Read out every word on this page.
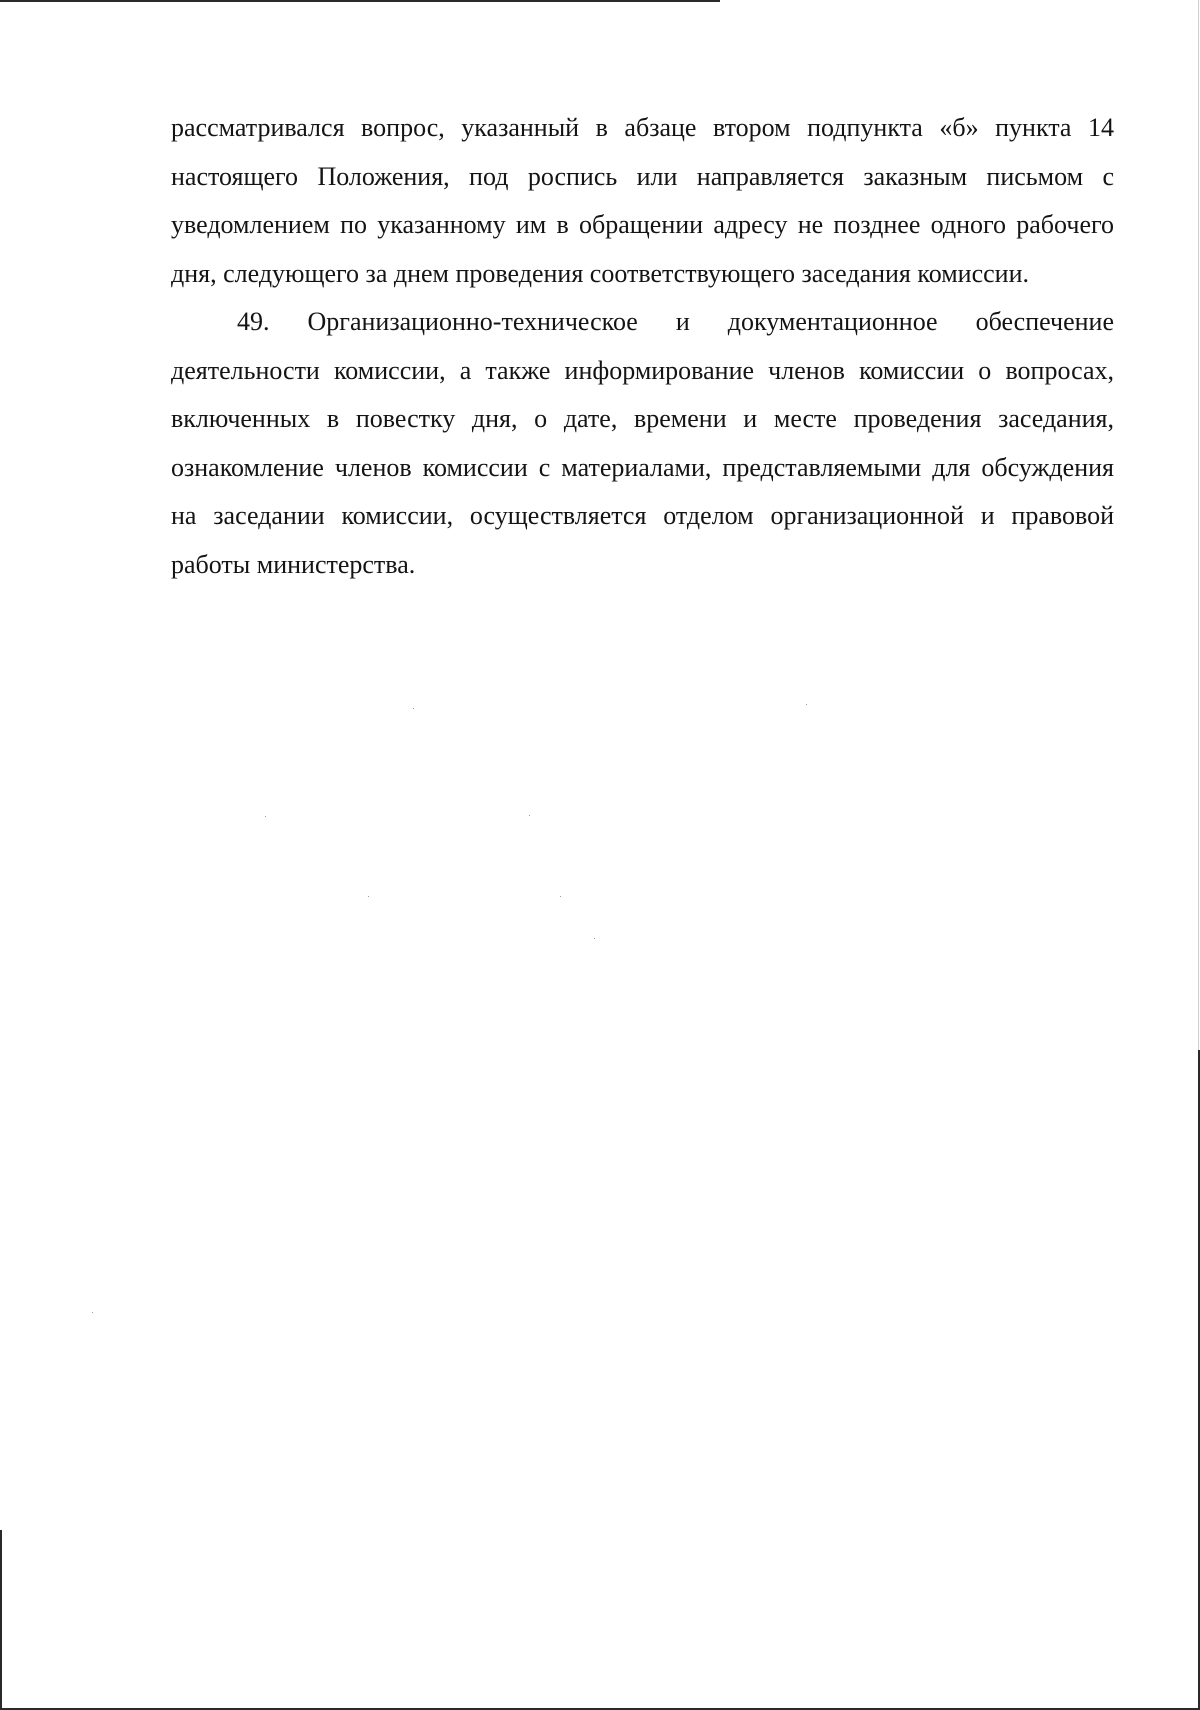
рассматривался вопрос, указанный в абзаце втором подпункта «б» пункта 14 настоящего Положения, под роспись или направляется заказным письмом с уведомлением по указанному им в обращении адресу не позднее одного рабочего дня, следующего за днем проведения соответствующего заседания комиссии.

49. Организационно-техническое и документационное обеспечение деятельности комиссии, а также информирование членов комиссии о вопросах, включенных в повестку дня, о дате, времени и месте проведения заседания, ознакомление членов комиссии с материалами, представляемыми для обсуждения на заседании комиссии, осуществляется отделом организационной и правовой работы министерства.
